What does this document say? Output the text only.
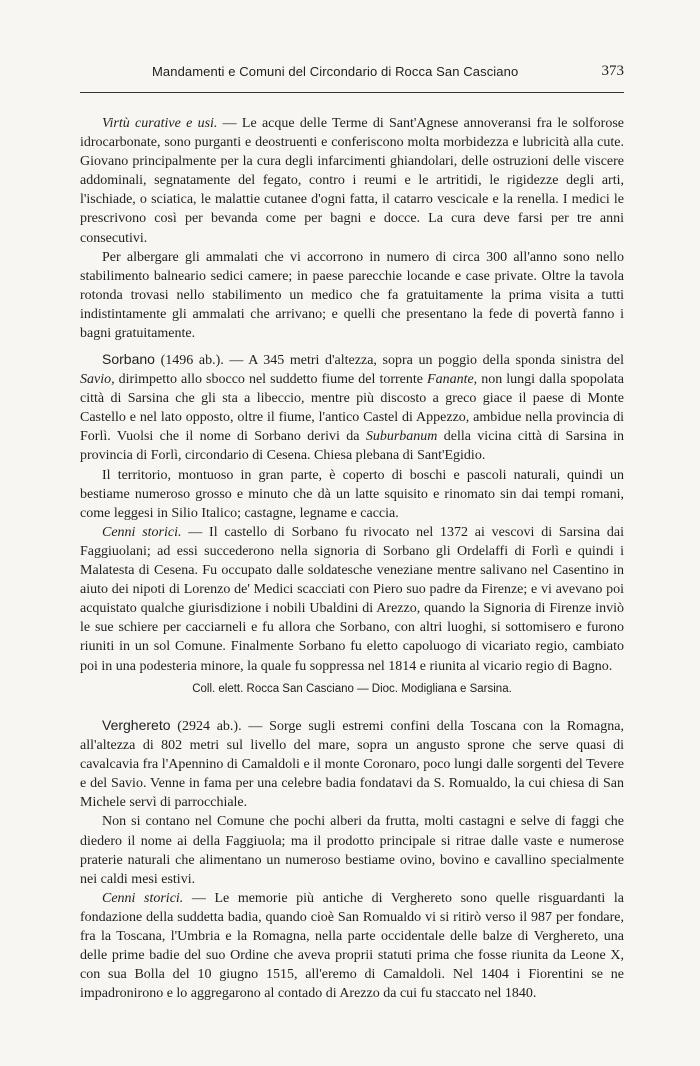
Mandamenti e Comuni del Circondario di Rocca San Casciano	373

Virtù curative e usi. — Le acque delle Terme di Sant'Agnese annoveransi fra le solforose idrocarbonate, sono purganti e deostruenti e conferiscono molta morbidezza e lubricità alla cute. Giovano principalmente per la cura degli infarcimenti ghiandolari, delle ostruzioni delle viscere addominali, segnatamente del fegato, contro i reumi e le artritidi, le rigidezze degli arti, l'ischiade, o sciatica, le malattie cutanee d'ogni fatta, il catarro vescicale e la renella. I medici le prescrivono così per bevanda come per bagni e docce. La cura deve farsi per tre anni consecutivi.

Per albergare gli ammalati che vi accorrono in numero di circa 300 all'anno sono nello stabilimento balneario sedici camere; in paese parecchie locande e case private. Oltre la tavola rotonda trovasi nello stabilimento un medico che fa gratuitamente la prima visita a tutti indistintamente gli ammalati che arrivano; e quelli che presentano la fede di povertà fanno i bagni gratuitamente.

Sorbano (1496 ab.). — A 345 metri d'altezza, sopra un poggio della sponda sinistra del Savio, dirimpetto allo sbocco nel suddetto fiume del torrente Fanante, non lungi dalla spopolata città di Sarsina che gli sta a libeccio, mentre più discosto a greco giace il paese di Monte Castello e nel lato opposto, oltre il fiume, l'antico Castel di Appezzo, ambidue nella provincia di Forlì. Vuolsi che il nome di Sorbano derivi da Suburbanum della vicina città di Sarsina in provincia di Forlì, circondario di Cesena. Chiesa plebana di Sant'Egidio.

Il territorio, montuoso in gran parte, è coperto di boschi e pascoli naturali, quindi un bestiame numeroso grosso e minuto che dà un latte squisito e rinomato sin dai tempi romani, come leggesi in Silio Italico; castagne, legname e caccia.

Cenni storici. — Il castello di Sorbano fu rivocato nel 1372 ai vescovi di Sarsina dai Faggiuolani; ad essi succederono nella signoria di Sorbano gli Ordelaffi di Forlì e quindi i Malatesta di Cesena. Fu occupato dalle soldatesche veneziane mentre salivano nel Casentino in aiuto dei nipoti di Lorenzo de' Medici scacciati con Piero suo padre da Firenze; e vi avevano poi acquistato qualche giurisdizione i nobili Ubaldini di Arezzo, quando la Signoria di Firenze inviò le sue schiere per cacciarneli e fu allora che Sorbano, con altri luoghi, si sottomisero e furono riuniti in un sol Comune. Finalmente Sorbano fu eletto capoluogo di vicariato regio, cambiato poi in una podesteria minore, la quale fu soppressa nel 1814 e riunita al vicario regio di Bagno.

Coll. elett. Rocca San Casciano — Dioc. Modigliana e Sarsina.

Verghereto (2924 ab.). — Sorge sugli estremi confini della Toscana con la Romagna, all'altezza di 802 metri sul livello del mare, sopra un angusto sprone che serve quasi di cavalcavia fra l'Apennino di Camaldoli e il monte Coronaro, poco lungi dalle sorgenti del Tevere e del Savio. Venne in fama per una celebre badia fondatavi da S. Romualdo, la cui chiesa di San Michele servì di parrocchiale.

Non si contano nel Comune che pochi alberi da frutta, molti castagni e selve di faggi che diedero il nome ai della Faggiuola; ma il prodotto principale si ritrae dalle vaste e numerose praterie naturali che alimentano un numeroso bestiame ovino, bovino e cavallino specialmente nei caldi mesi estivi.

Cenni storici. — Le memorie più antiche di Verghereto sono quelle risguardanti la fondazione della suddetta badia, quando cioè San Romualdo vi si ritirò verso il 987 per fondare, fra la Toscana, l'Umbria e la Romagna, nella parte occidentale delle balze di Verghereto, una delle prime badie del suo Ordine che aveva proprii statuti prima che fosse riunita da Leone X, con sua Bolla del 10 giugno 1515, all'eremo di Camaldoli. Nel 1404 i Fiorentini se ne impadronirono e lo aggregarono al contado di Arezzo da cui fu staccato nel 1840.
